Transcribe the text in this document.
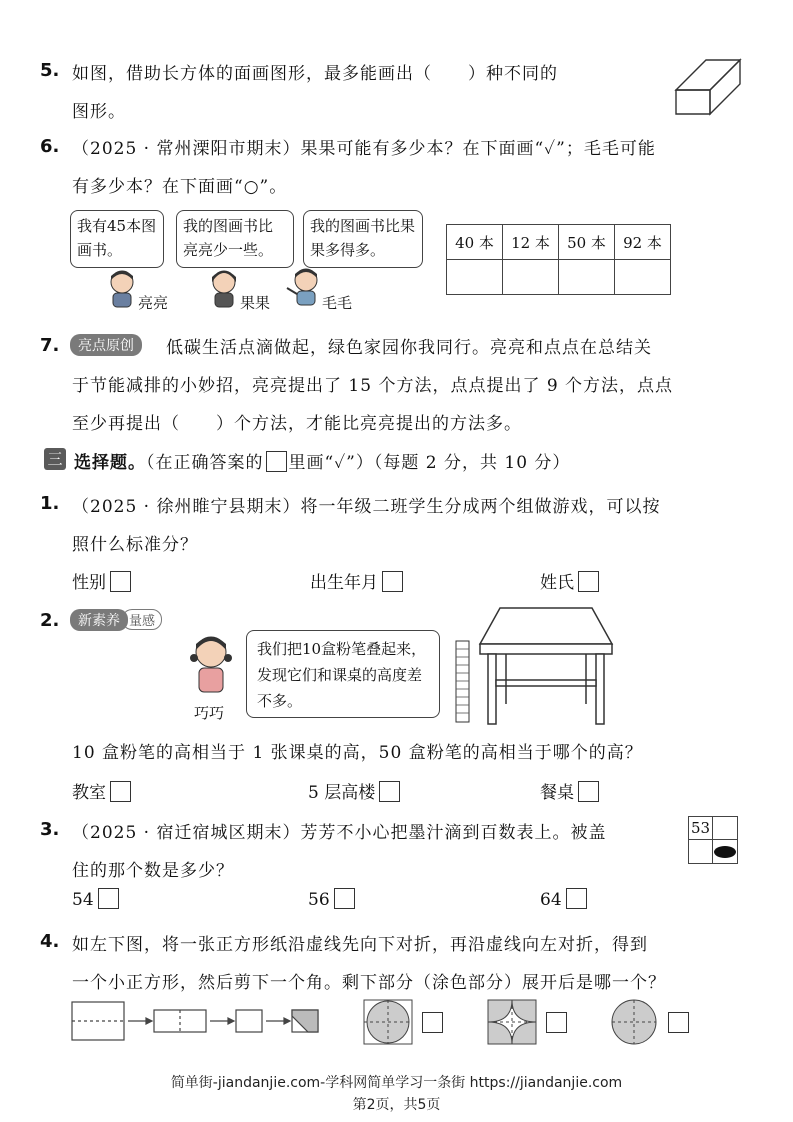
5. 如图，借助长方体的面画图形，最多能画出（　　）种不同的
图形。
6. （2025 · 常州溧阳市期末）果果可能有多少本？在下面画“✓”；毛毛可能
有多少本？在下面画“○”。
我有45本图画书。
我的图画书比亮亮少一些。
我的图画书比果果多得多。
亮亮	果果	毛毛
40 本	12 本	50 本	92 本

7.	亮点原创	低碳生活点滴做起，绿色家园你我同行。亮亮和点点在总结关
于节能减排的小妙招，亮亮提出了 15 个方法，点点提出了 9 个方法，点点
至少再提出（　　）个方法，才能比亮亮提出的方法多。
三 选择题。（在正确答案的 里画“✓”）（每题 2 分，共 10 分）
1. （2025 · 徐州睢宁县期末）将一年级二班学生分成两个组做游戏，可以按
照什么标准分？
性别	出生年月	姓氏
2.	新素养 量感
巧巧
我们把10盒粉笔叠起来，发现它们和课桌的高度差不多。
10 盒粉笔的高相当于 1 张课桌的高，50 盒粉笔的高相当于哪个的高？
教室	5 层高楼	餐桌
3. （2025 · 宿迁宿城区期末）芳芳不小心把墨汁滴到百数表上。被盖
住的那个数是多少？
53
54	56	64
4. 如左下图，将一张正方形纸沿虚线先向下对折，再沿虚线向左对折，得到
一个小正方形，然后剪下一个角。剩下部分（涂色部分）展开后是哪一个？
简单街-jiandanjie.com-学科网简单学习一条街 https://jiandanjie.com
第2页，共5页
